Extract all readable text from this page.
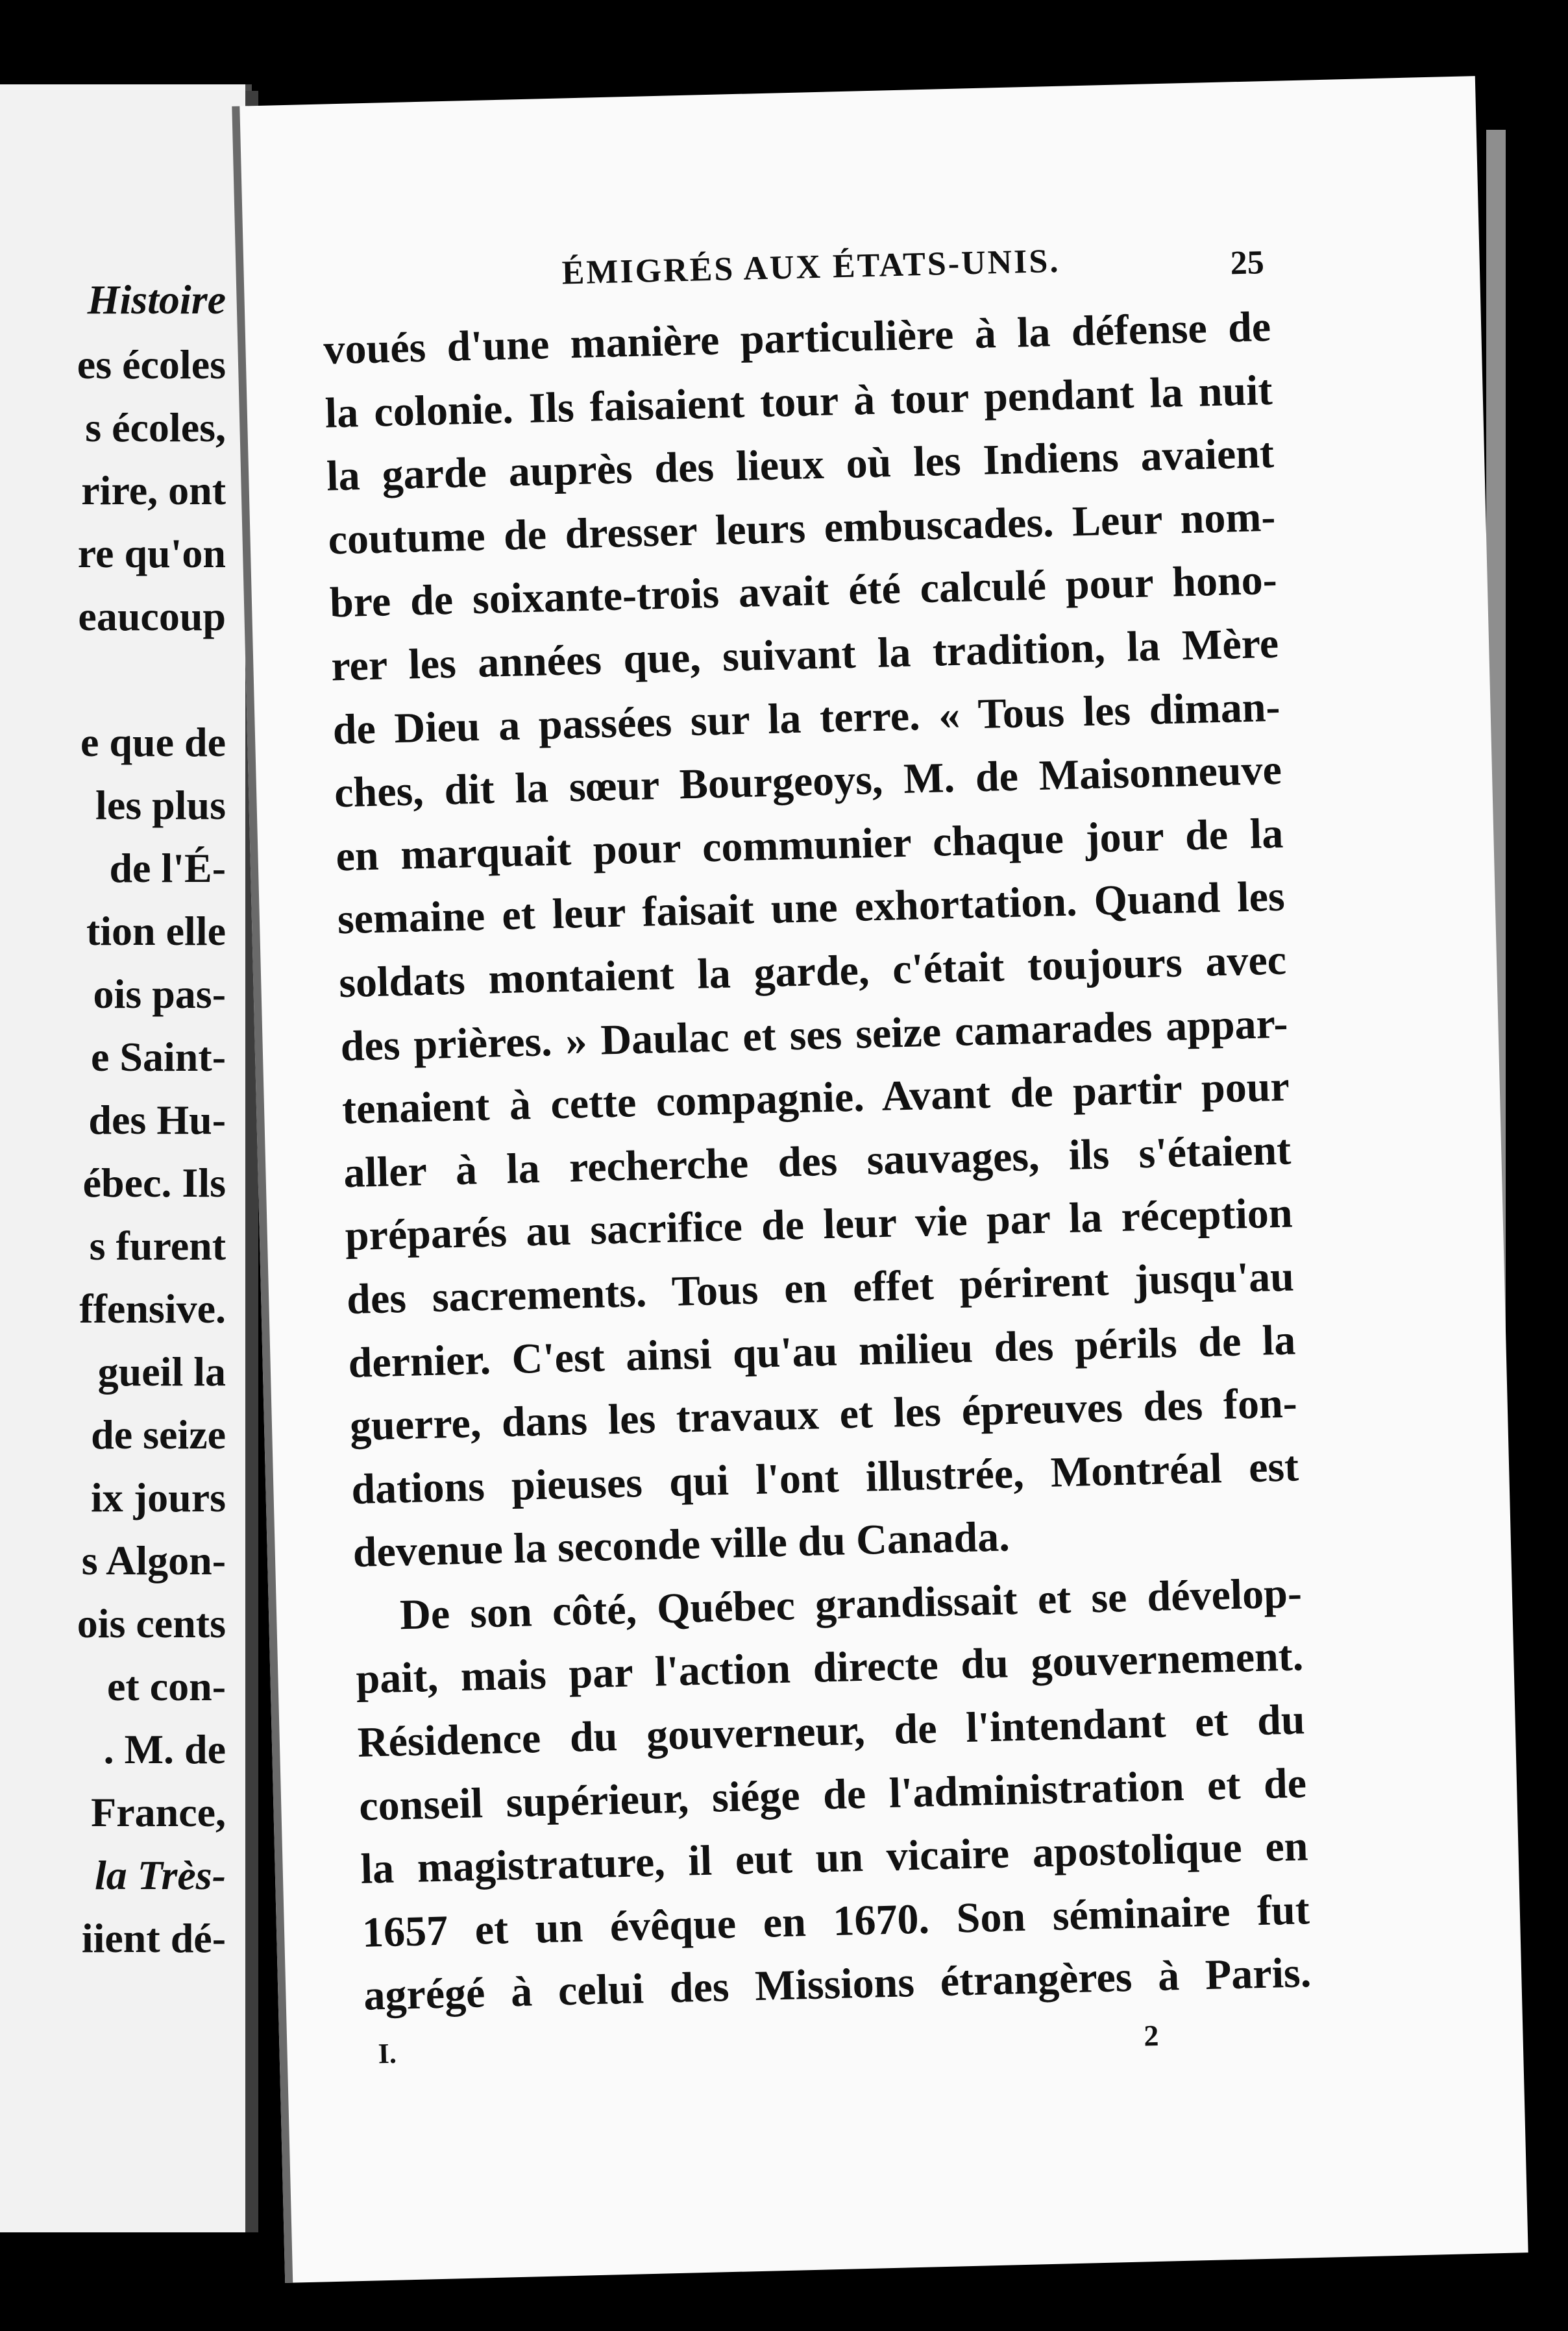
Histoire
es écoles
s écoles,
rire, ont
re qu'on
eaucoup
e que de
les plus
de l'É-
tion elle
ois pas-
e Saint-
des Hu-
ébec. Ils
s furent
ffensive.
gueil la
de seize
ix jours
s Algon-
ois cents
et con-
. M. de
France,
la Très-
iient dé-
ÉMIGRÉS AUX ÉTATS-UNIS.	25
voués d'une manière particulière à la défense de
la colonie. Ils faisaient tour à tour pendant la nuit
la garde auprès des lieux où les Indiens avaient
coutume de dresser leurs embuscades. Leur nom-
bre de soixante-trois avait été calculé pour hono-
rer les années que, suivant la tradition, la Mère
de Dieu a passées sur la terre. « Tous les diman-
ches, dit la sœur Bourgeoys, M. de Maisonneuve
en marquait pour communier chaque jour de la
semaine et leur faisait une exhortation. Quand les
soldats montaient la garde, c'était toujours avec
des prières. » Daulac et ses seize camarades appar-
tenaient à cette compagnie. Avant de partir pour
aller à la recherche des sauvages, ils s'étaient
préparés au sacrifice de leur vie par la réception
des sacrements. Tous en effet périrent jusqu'au
dernier. C'est ainsi qu'au milieu des périls de la
guerre, dans les travaux et les épreuves des fon-
dations pieuses qui l'ont illustrée, Montréal est
devenue la seconde ville du Canada.
De son côté, Québec grandissait et se dévelop-
pait, mais par l'action directe du gouvernement.
Résidence du gouverneur, de l'intendant et du
conseil supérieur, siége de l'administration et de
la magistrature, il eut un vicaire apostolique en
1657 et un évêque en 1670. Son séminaire fut
agrégé à celui des Missions étrangères à Paris.
I.
2
